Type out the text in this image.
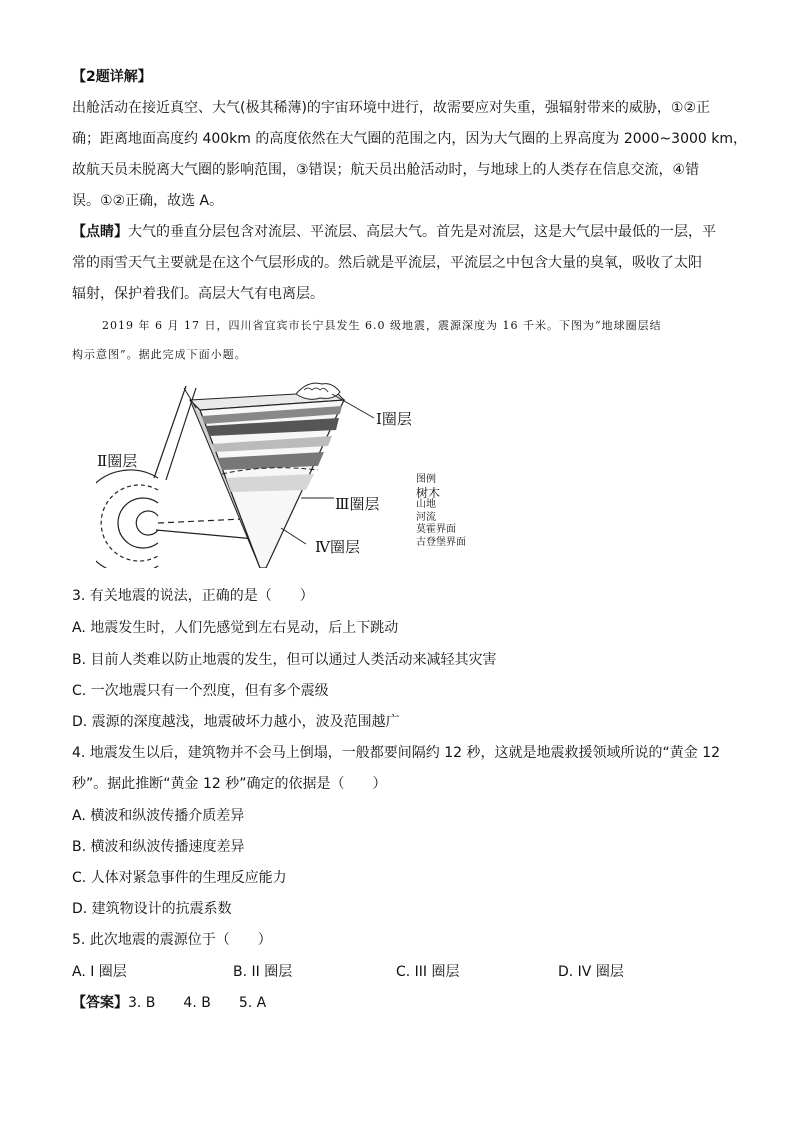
【2题详解】
出舱活动在接近真空、大气(极其稀薄)的宇宙环境中进行，故需要应对失重，强辐射带来的威胁，①②正
确；距离地面高度约 400km 的高度依然在大气圈的范围之内，因为大气圈的上界高度为 2000~3000 km，
故航天员未脱离大气圈的影响范围，③错误；航天员出舱活动时，与地球上的人类存在信息交流，④错
误。①②正确，故选 A。
【点睛】大气的垂直分层包含对流层、平流层、高层大气。首先是对流层，这是大气层中最低的一层，平
常的雨雪天气主要就是在这个气层形成的。然后就是平流层，平流层之中包含大量的臭氧，吸收了太阳
辐射，保护着我们。高层大气有电离层。
2019 年 6 月 17 日，四川省宜宾市长宁县发生 6.0 级地震，震源深度为 16 千米。下图为“地球圈层结
构示意图”。据此完成下面小题。
Ⅰ圈层
Ⅱ圈层
Ⅲ圈层
Ⅳ圈层
图例
树木
山地
河流
莫霍界面
古登堡界面
3. 有关地震的说法，正确的是（　　）
A. 地震发生时，人们先感觉到左右晃动，后上下跳动
B. 目前人类难以防止地震的发生，但可以通过人类活动来减轻其灾害
C. 一次地震只有一个烈度，但有多个震级
D. 震源的深度越浅，地震破坏力越小，波及范围越广
4. 地震发生以后，建筑物并不会马上倒塌，一般都要间隔约 12 秒，这就是地震救援领域所说的“黄金 12
秒”。据此推断“黄金 12 秒”确定的依据是（　　）
A. 横波和纵波传播介质差异
B. 横波和纵波传播速度差异
C. 人体对紧急事件的生理反应能力
D. 建筑物设计的抗震系数
5. 此次地震的震源位于（　　）
A. I 圈层	B. II 圈层	C. III 圈层	D. IV 圈层
【答案】3. B　　4. B　　5. A
